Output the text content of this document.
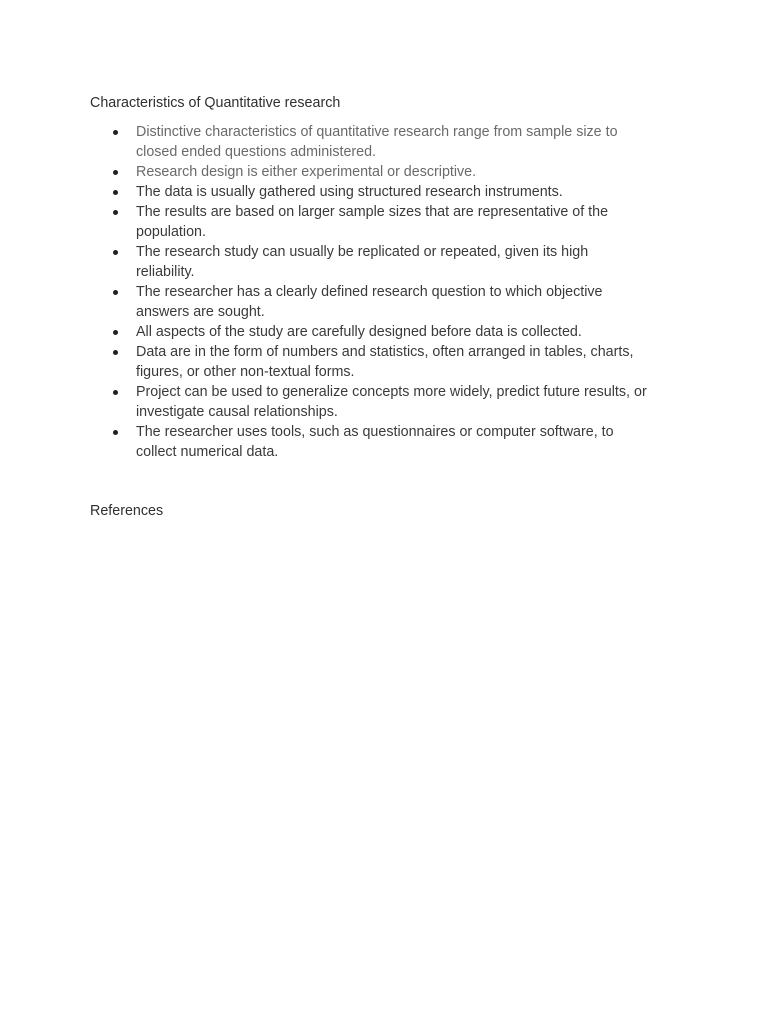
Characteristics of Quantitative research
Distinctive characteristics of quantitative research range from sample size to
closed ended questions administered.
Research design is either experimental or descriptive.
The data is usually gathered using structured research instruments.
The results are based on larger sample sizes that are representative of the
population.
The research study can usually be replicated or repeated, given its high
reliability.
The researcher has a clearly defined research question to which objective
answers are sought.
All aspects of the study are carefully designed before data is collected.
Data are in the form of numbers and statistics, often arranged in tables, charts,
figures, or other non-textual forms.
Project can be used to generalize concepts more widely, predict future results, or
investigate causal relationships.
The researcher uses tools, such as questionnaires or computer software, to
collect numerical data.
References
